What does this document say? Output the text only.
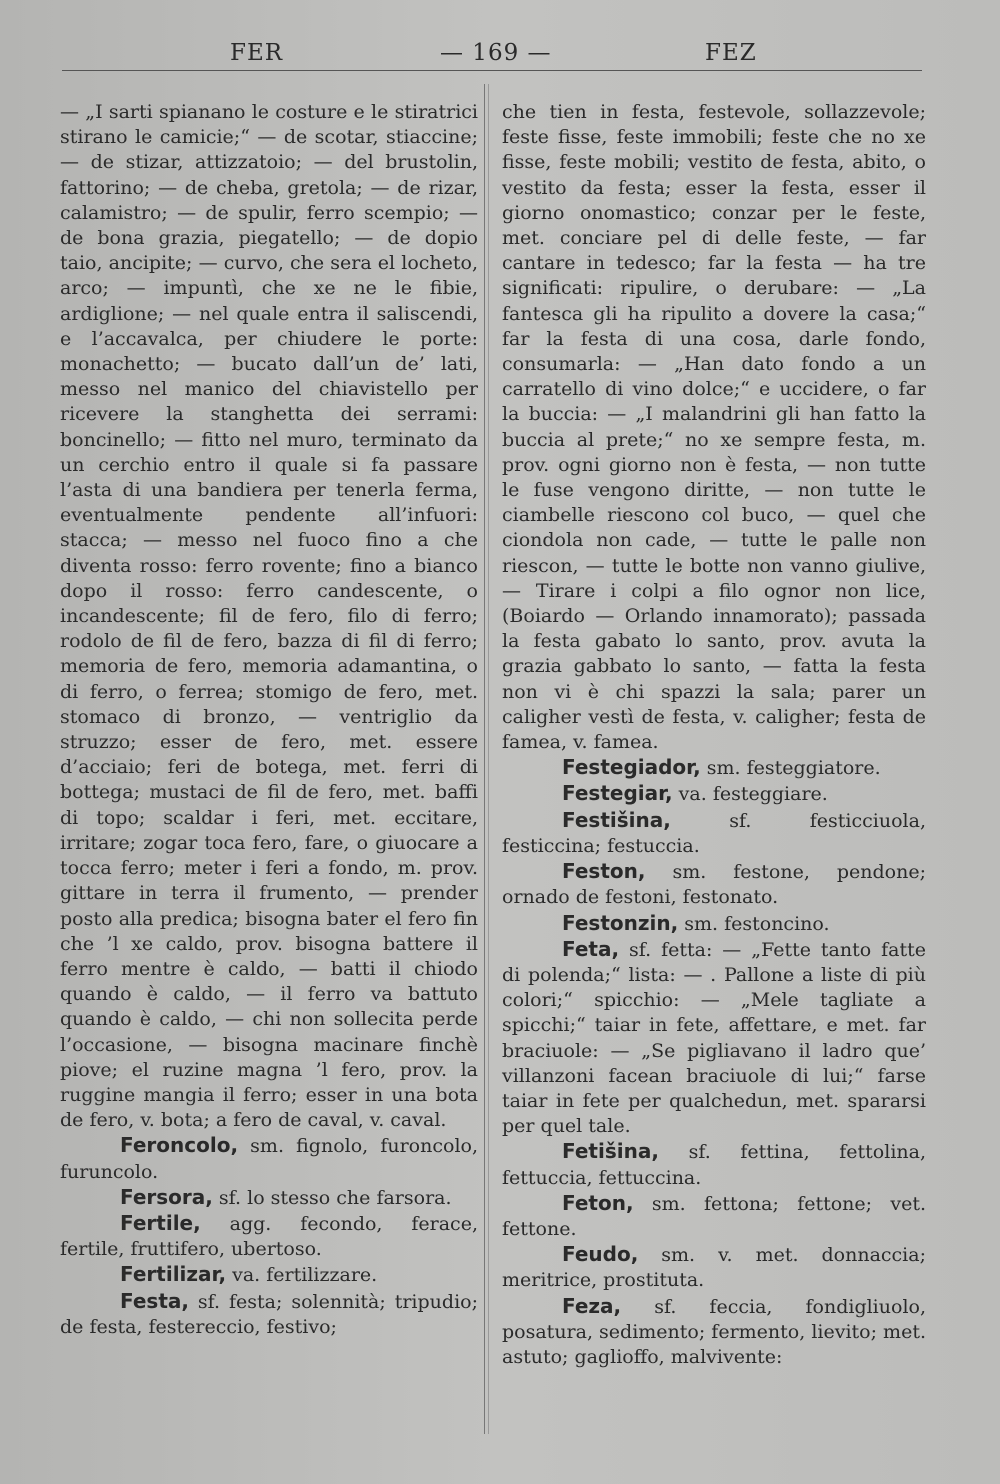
FER	— 169 —	FEZ

— „I sarti spianano le costure e le stiratrici stirano le camicie;“ — de scotar, stiaccine; — de stizar, attizzatoio; — del brustolin, fattorino; — de cheba, gretola; — de rizar, calamistro; — de spulir, ferro scempio; — de bona grazia, piegatello; — de dopio taio, ancipite; — curvo, che sera el locheto, arco; — impuntì, che xe ne le fibie, ardiglione; — nel quale entra il saliscendi, e l’accavalca, per chiudere le porte: monachetto; — bucato dall’un de’ lati, messo nel manico del chiavistello per ricevere la stanghetta dei serrami: boncinello; — fitto nel muro, terminato da un cerchio entro il quale si fa passare l’asta di una bandiera per tenerla ferma, eventualmente pendente all’infuori: stacca; — messo nel fuoco fino a che diventa rosso: ferro rovente; fino a bianco dopo il rosso: ferro candescente, o incandescente; fil de fero, filo di ferro; rodolo de fil de fero, bazza di fil di ferro; memoria de fero, memoria adamantina, o di ferro, o ferrea; stomigo de fero, met. stomaco di bronzo, — ventriglio da struzzo; esser de fero, met. essere d’acciaio; feri de botega, met. ferri di bottega; mustaci de fil de fero, met. baffi di topo; scaldar i feri, met. eccitare, irritare; zogar toca fero, fare, o giuocare a tocca ferro; meter i feri a fondo, m. prov. gittare in terra il frumento, — prender posto alla predica; bisogna bater el fero fin che ’l xe caldo, prov. bisogna battere il ferro mentre è caldo, — batti il chiodo quando è caldo, — il ferro va battuto quando è caldo, — chi non sollecita perde l’occasione, — bisogna macinare finchè piove; el ruzine magna ’l fero, prov. la ruggine mangia il ferro; esser in una bota de fero, v. bota; a fero de caval, v. caval.

Feroncolo, sm. fignolo, furoncolo, furuncolo.

Fersora, sf. lo stesso che farsora.

Fertile, agg. fecondo, ferace, fertile, fruttifero, ubertoso.

Fertilizar, va. fertilizzare.

Festa, sf. festa; solennità; tripudio; de festa, festereccio, festivo;

che tien in festa, festevole, sollazzevole; feste fisse, feste immobili; feste che no xe fisse, feste mobili; vestito de festa, abito, o vestito da festa; esser la festa, esser il giorno onomastico; conzar per le feste, met. conciare pel di delle feste, — far cantare in tedesco; far la festa — ha tre significati: ripulire, o derubare: — „La fantesca gli ha ripulito a dovere la casa;“ far la festa di una cosa, darle fondo, consumarla: — „Han dato fondo a un carratello di vino dolce;“ e uccidere, o far la buccia: — „I malandrini gli han fatto la buccia al prete;“ no xe sempre festa, m. prov. ogni giorno non è festa, — non tutte le fuse vengono diritte, — non tutte le ciambelle riescono col buco, — quel che ciondola non cade, — tutte le palle non riescon, — tutte le botte non vanno giulive, — Tirare i colpi a filo ognor non lice, (Boiardo — Orlando innamorato); passada la festa gabato lo santo, prov. avuta la grazia gabbato lo santo, — fatta la festa non vi è chi spazzi la sala; parer un caligher vestì de festa, v. caligher; festa de famea, v. famea.

Festegiador, sm. festeggiatore.

Festegiar, va. festeggiare.

Festišina, sf. festicciuola, festiccina; festuccia.

Feston, sm. festone, pendone; ornado de festoni, festonato.

Festonzin, sm. festoncino.

Feta, sf. fetta: — „Fette tanto fatte di polenda;“ lista: — . Pallone a liste di più colori;“ spicchio: — „Mele tagliate a spicchi;“ taiar in fete, affettare, e met. far braciuole: — „Se pigliavano il ladro que’ villanzoni facean braciuole di lui;“ farse taiar in fete per qualchedun, met. spararsi per quel tale.

Fetišina, sf. fettina, fettolina, fettuccia, fettuccina.

Feton, sm. fettona; fettone; vet. fettone.

Feudo, sm. v. met. donnaccia; meritrice, prostituta.

Feza, sf. feccia, fondigliuolo, posatura, sedimento; fermento, lievito; met. astuto; gaglioffo, malvivente:
